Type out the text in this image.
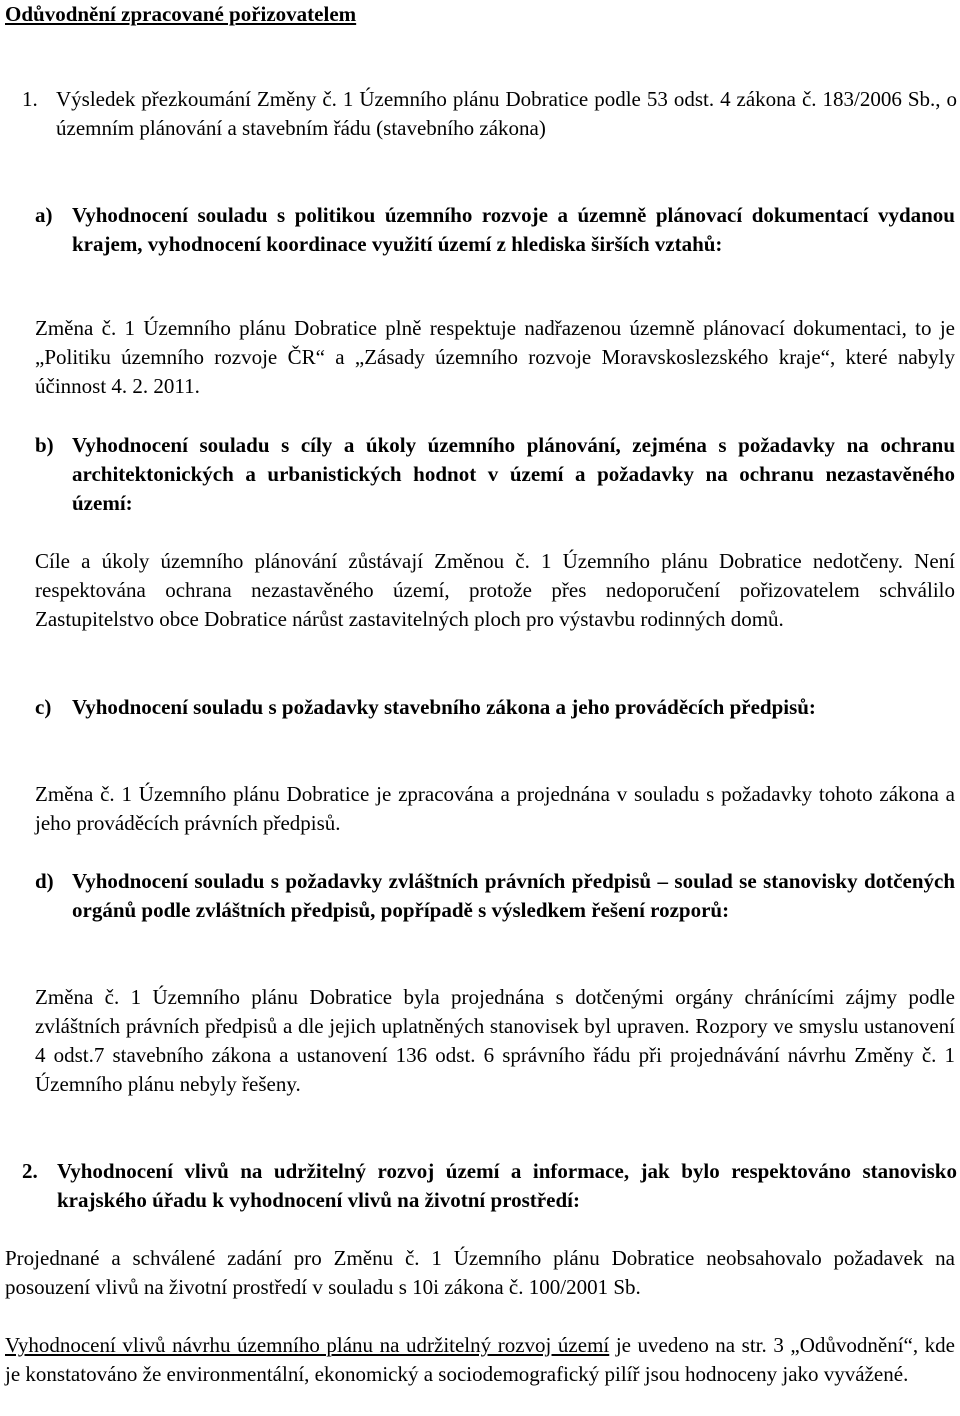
Odůvodnění zpracované pořizovatelem
1. Výsledek přezkoumání Změny č. 1 Územního plánu Dobratice podle 53 odst. 4 zákona č. 183/2006 Sb., o územním plánování a stavebním řádu (stavebního zákona)
a) Vyhodnocení souladu s politikou územního rozvoje a územně plánovací dokumentací vydanou krajem, vyhodnocení koordinace využití území z hlediska širších vztahů:
Změna č. 1 Územního plánu Dobratice plně respektuje nadřazenou územně plánovací dokumentaci, to je „Politiku územního rozvoje ČR“ a „Zásady územního rozvoje Moravskoslezského kraje“, které nabyly účinnost 4. 2. 2011.
b) Vyhodnocení souladu s cíly a úkoly územního plánování, zejména s požadavky na ochranu architektonických a urbanistických hodnot v území a požadavky na ochranu nezastavěného území:
Cíle a úkoly územního plánování zůstávají Změnou č. 1 Územního plánu Dobratice nedotčeny. Není respektována ochrana nezastavěného území, protože přes nedoporučení pořizovatelem schválilo Zastupitelstvo obce Dobratice nárůst zastavitelných ploch pro výstavbu rodinných domů.
c) Vyhodnocení souladu s požadavky stavebního zákona a jeho prováděcích předpisů:
Změna č. 1 Územního plánu Dobratice je zpracována a projednána v souladu s požadavky tohoto zákona a jeho prováděcích právních předpisů.
d) Vyhodnocení souladu s požadavky zvláštních právních předpisů – soulad se stanovisky dotčených orgánů podle zvláštních předpisů, popřípadě s výsledkem řešení rozporů:
Změna č. 1 Územního plánu Dobratice byla projednána s dotčenými orgány chránícími zájmy podle zvláštních právních předpisů a dle jejich uplatněných stanovisek byl upraven. Rozpory ve smyslu ustanovení 4 odst.7 stavebního zákona a ustanovení 136 odst. 6 správního řádu při projednávání návrhu Změny č. 1 Územního plánu nebyly řešeny.
2. Vyhodnocení vlivů na udržitelný rozvoj území a informace, jak bylo respektováno stanovisko krajského úřadu k vyhodnocení vlivů na životní prostředí:
Projednané a schválené zadání pro Změnu č. 1 Územního plánu Dobratice neobsahovalo požadavek na posouzení vlivů na životní prostředí v souladu s 10i zákona č. 100/2001 Sb.
Vyhodnocení vlivů návrhu územního plánu na udržitelný rozvoj území je uvedeno na str. 3 „Odůvodnění“, kde je konstatováno že environmentální, ekonomický a sociodemografický pilíř jsou hodnoceny jako vyvážené.
